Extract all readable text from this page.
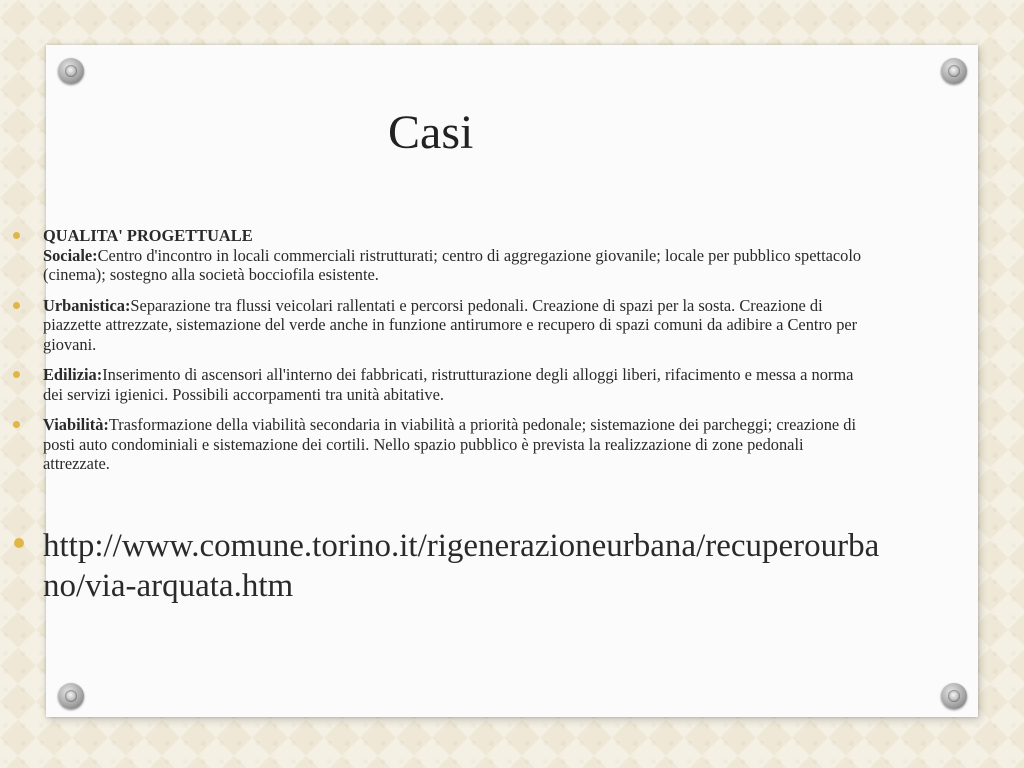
Casi
QUALITA' PROGETTUALE
Sociale:Centro d'incontro in locali commerciali ristrutturati; centro di aggregazione giovanile; locale per pubblico spettacolo (cinema); sostegno alla società bocciofila esistente.
Urbanistica:Separazione tra flussi veicolari rallentati e percorsi pedonali. Creazione di spazi per la sosta. Creazione di piazzette attrezzate, sistemazione del verde anche in funzione antirumore e recupero di spazi comuni da adibire a Centro per giovani.
Edilizia:Inserimento di ascensori all'interno dei fabbricati, ristrutturazione degli alloggi liberi, rifacimento e messa a norma dei servizi igienici. Possibili accorpamenti tra unità abitative.
Viabilità:Trasformazione della viabilità secondaria in viabilità a priorità pedonale; sistemazione dei parcheggi; creazione di posti auto condominiali e sistemazione dei cortili. Nello spazio pubblico è prevista la realizzazione di zone pedonali attrezzate.
http://www.comune.torino.it/rigenerazioneurbana/recuperourbano/via-arquata.htm
